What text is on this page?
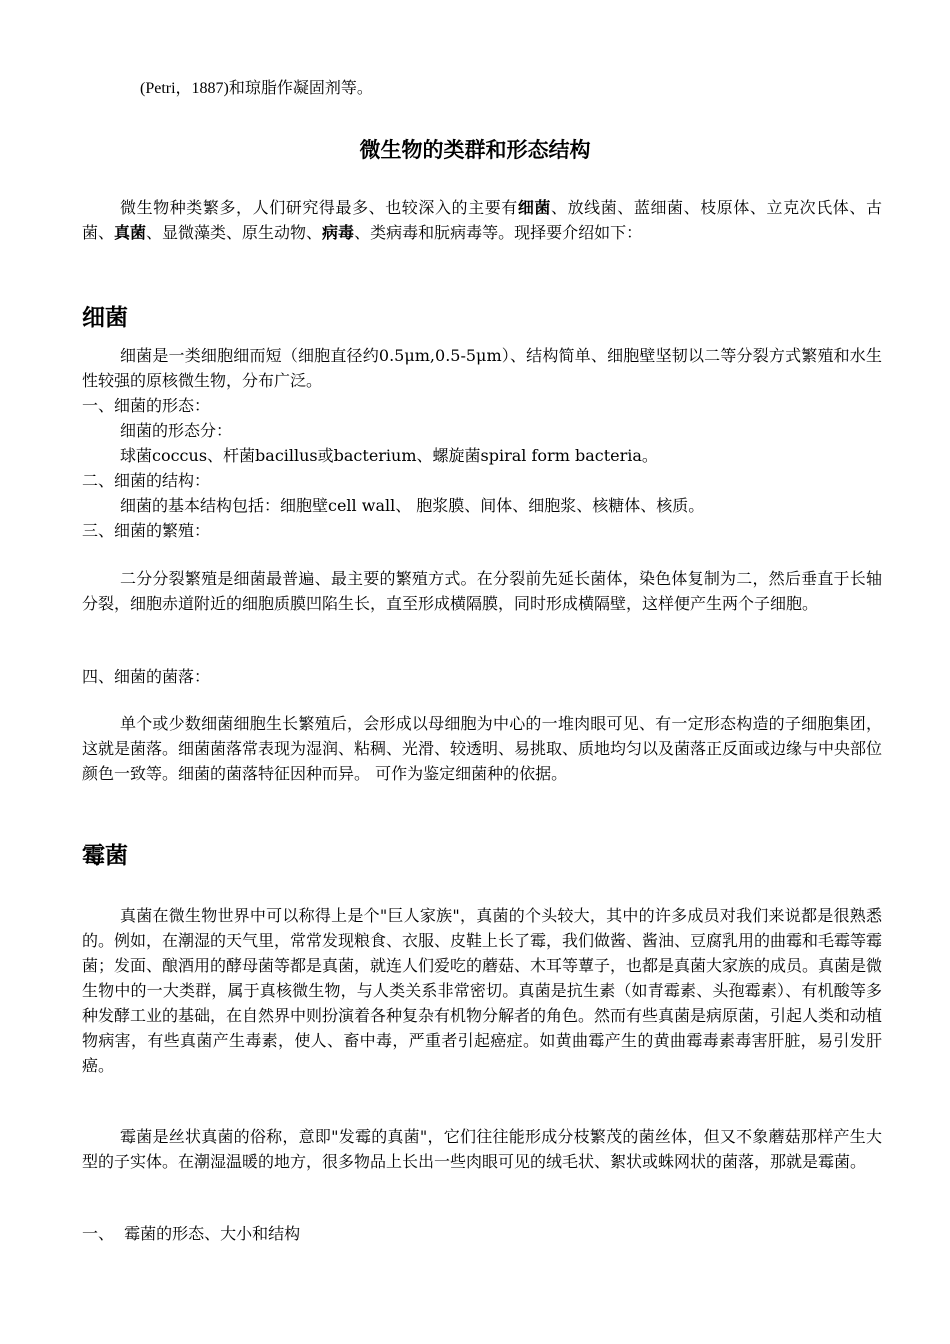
(Petri，1887)和琼脂作凝固剂等。

微生物的类群和形态结构

微生物种类繁多，人们研究得最多、也较深入的主要有细菌、放线菌、蓝细菌、枝原体、立克次氏体、古菌、真菌、显微藻类、原生动物、病毒、类病毒和朊病毒等。现择要介绍如下：

细菌

细菌是一类细胞细而短（细胞直径约0.5μm,0.5-5μm）、结构简单、细胞壁坚韧以二等分裂方式繁殖和水生性较强的原核微生物，分布广泛。

一、细菌的形态：

细菌的形态分：

球菌coccus、杆菌bacillus或bacterium、螺旋菌spiral form bacteria。

二、细菌的结构：

细菌的基本结构包括：细胞壁cell wall、 胞浆膜、间体、细胞浆、核糖体、核质。

三、细菌的繁殖：

二分分裂繁殖是细菌最普遍、最主要的繁殖方式。在分裂前先延长菌体，染色体复制为二，然后垂直于长轴分裂，细胞赤道附近的细胞质膜凹陷生长，直至形成横隔膜，同时形成横隔壁，这样便产生两个子细胞。

四、细菌的菌落：

单个或少数细菌细胞生长繁殖后，会形成以母细胞为中心的一堆肉眼可见、有一定形态构造的子细胞集团，这就是菌落。细菌菌落常表现为湿润、粘稠、光滑、较透明、易挑取、质地均匀以及菌落正反面或边缘与中央部位颜色一致等。细菌的菌落特征因种而异。 可作为鉴定细菌种的依据。

霉菌

真菌在微生物世界中可以称得上是个"巨人家族"，真菌的个头较大，其中的许多成员对我们来说都是很熟悉的。例如，在潮湿的天气里，常常发现粮食、衣服、皮鞋上长了霉，我们做酱、酱油、豆腐乳用的曲霉和毛霉等霉菌；发面、酿酒用的酵母菌等都是真菌，就连人们爱吃的蘑菇、木耳等蕈子，也都是真菌大家族的成员。真菌是微生物中的一大类群，属于真核微生物，与人类关系非常密切。真菌是抗生素（如青霉素、头孢霉素）、有机酸等多种发酵工业的基础，在自然界中则扮演着各种复杂有机物分解者的角色。然而有些真菌是病原菌，引起人类和动植物病害，有些真菌产生毒素，使人、畜中毒，严重者引起癌症。如黄曲霉产生的黄曲霉毒素毒害肝脏，易引发肝癌。

霉菌是丝状真菌的俗称，意即"发霉的真菌"，它们往往能形成分枝繁茂的菌丝体，但又不象蘑菇那样产生大型的子实体。在潮湿温暖的地方，很多物品上长出一些肉眼可见的绒毛状、絮状或蛛网状的菌落，那就是霉菌。

一、  霉菌的形态、大小和结构
